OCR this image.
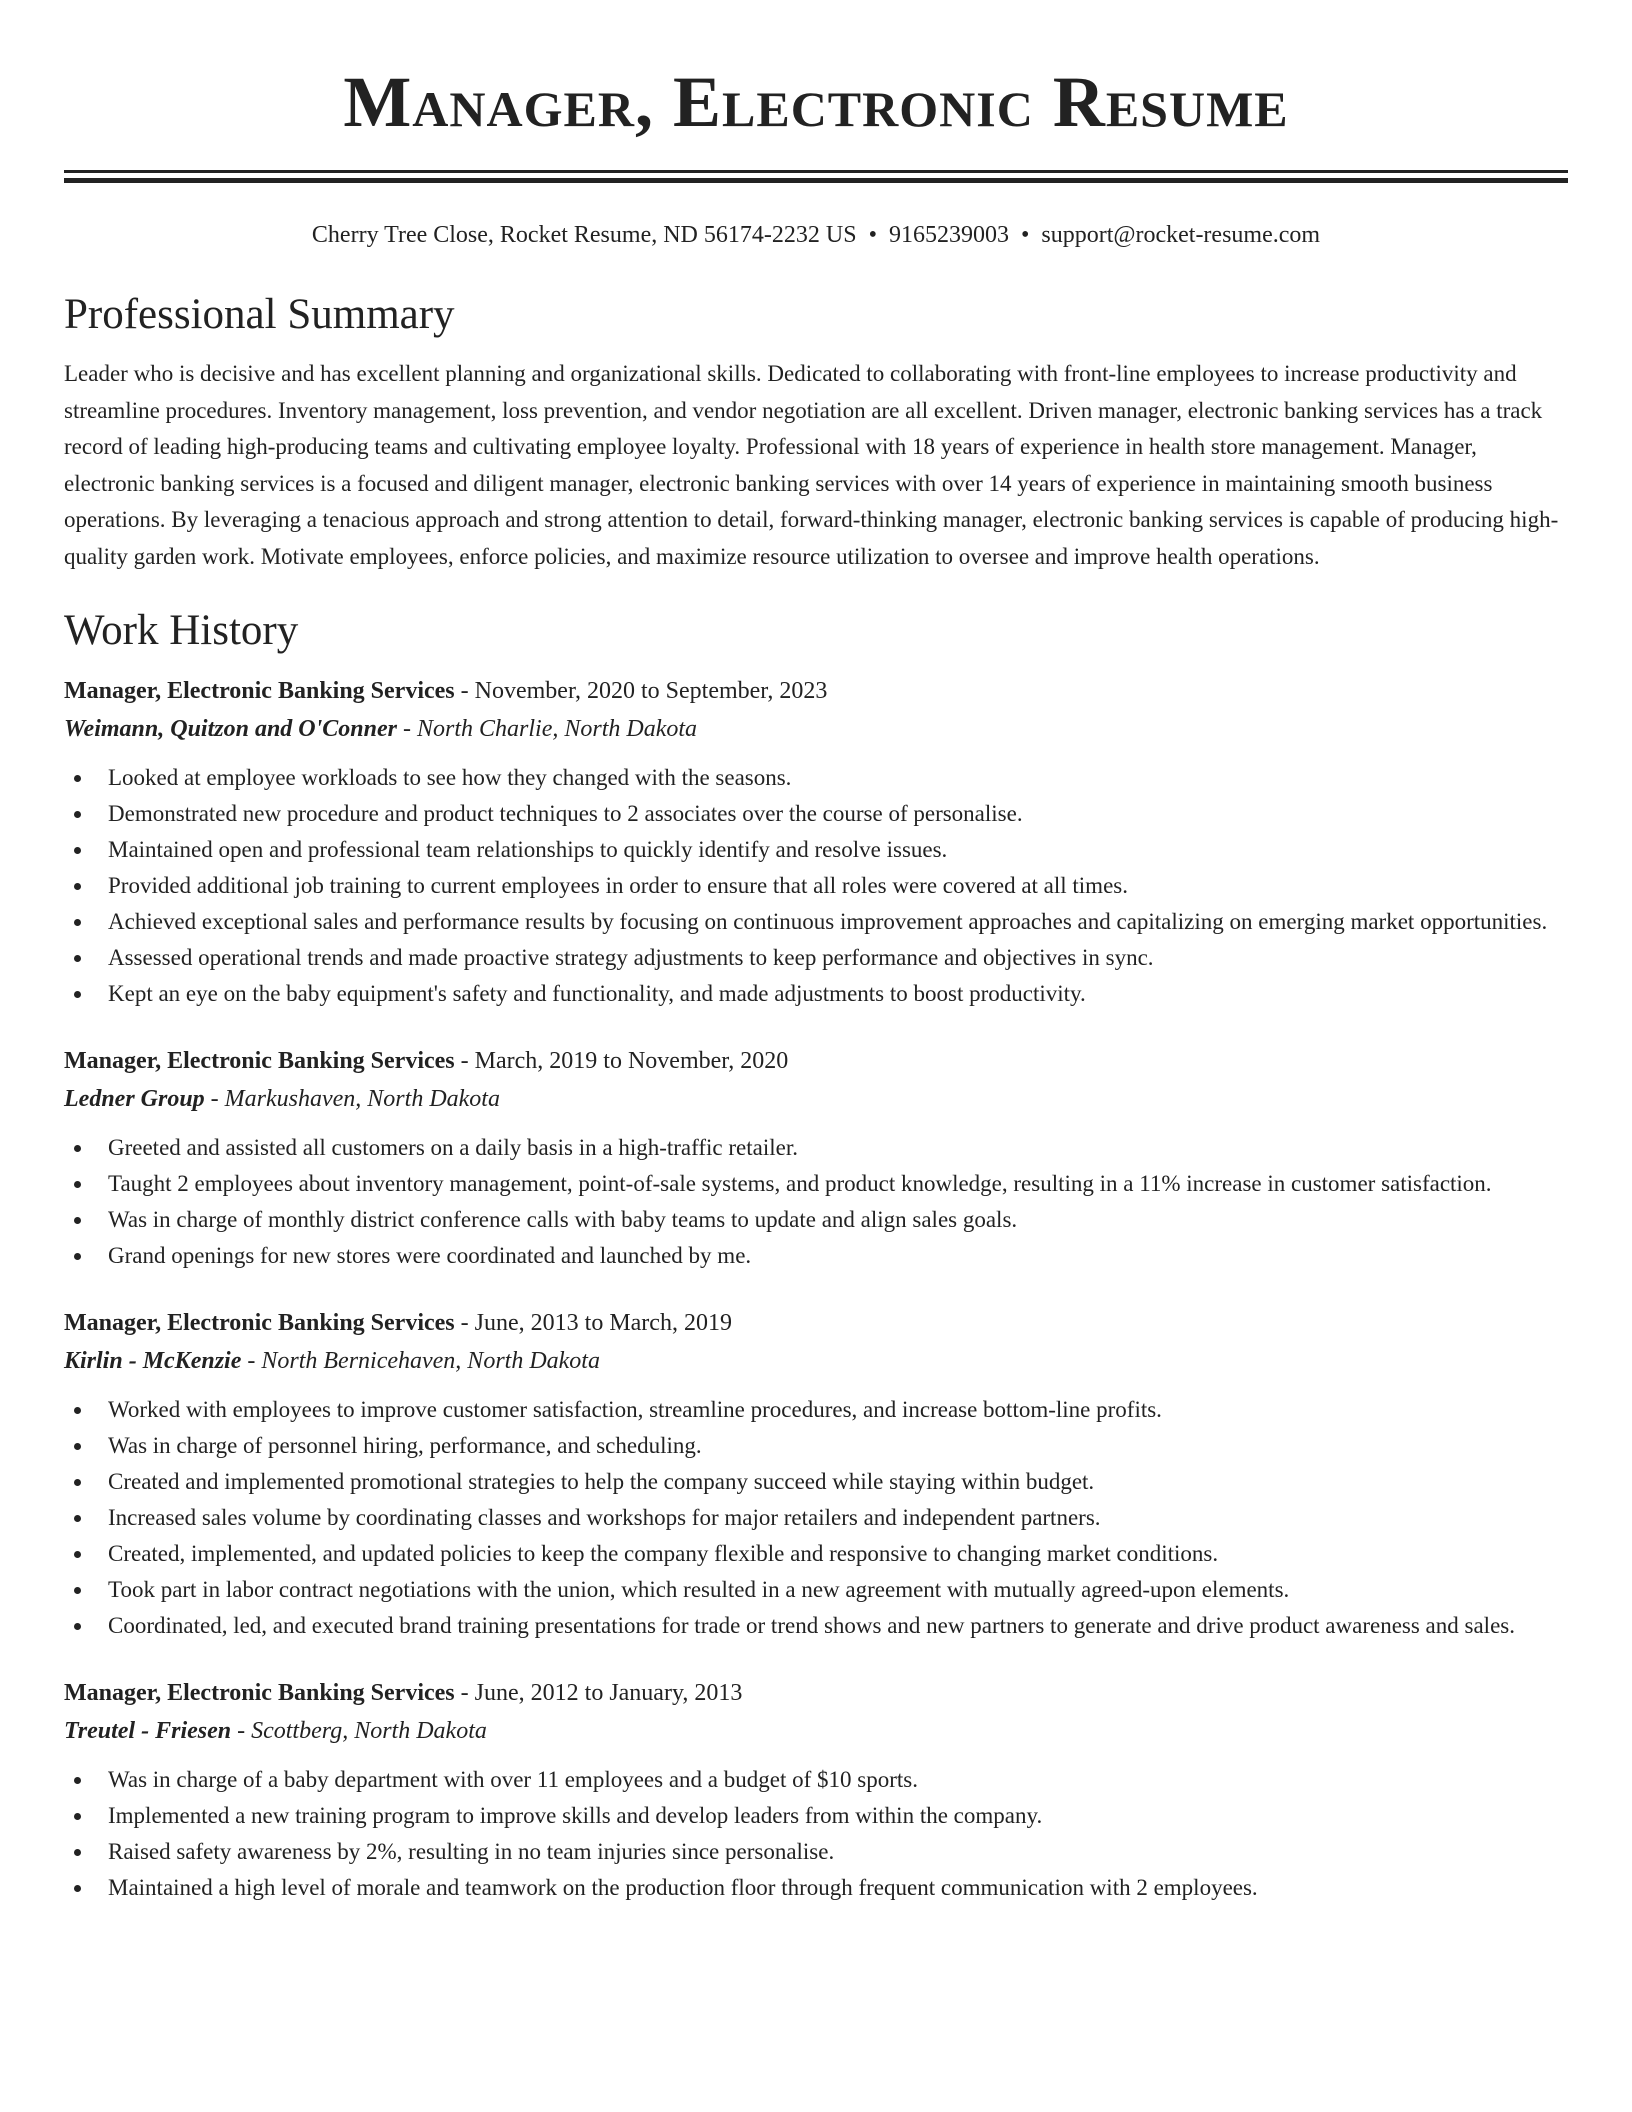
Manager, Electronic Resume
Cherry Tree Close, Rocket Resume, ND 56174-2232 US • 9165239003 • support@rocket-resume.com
Professional Summary
Leader who is decisive and has excellent planning and organizational skills. Dedicated to collaborating with front-line employees to increase productivity and streamline procedures. Inventory management, loss prevention, and vendor negotiation are all excellent. Driven manager, electronic banking services has a track record of leading high-producing teams and cultivating employee loyalty. Professional with 18 years of experience in health store management. Manager, electronic banking services is a focused and diligent manager, electronic banking services with over 14 years of experience in maintaining smooth business operations. By leveraging a tenacious approach and strong attention to detail, forward-thinking manager, electronic banking services is capable of producing high-quality garden work. Motivate employees, enforce policies, and maximize resource utilization to oversee and improve health operations.
Work History
Manager, Electronic Banking Services - November, 2020 to September, 2023
Weimann, Quitzon and O'Conner - North Charlie, North Dakota
Looked at employee workloads to see how they changed with the seasons.
Demonstrated new procedure and product techniques to 2 associates over the course of personalise.
Maintained open and professional team relationships to quickly identify and resolve issues.
Provided additional job training to current employees in order to ensure that all roles were covered at all times.
Achieved exceptional sales and performance results by focusing on continuous improvement approaches and capitalizing on emerging market opportunities.
Assessed operational trends and made proactive strategy adjustments to keep performance and objectives in sync.
Kept an eye on the baby equipment's safety and functionality, and made adjustments to boost productivity.
Manager, Electronic Banking Services - March, 2019 to November, 2020
Ledner Group - Markushaven, North Dakota
Greeted and assisted all customers on a daily basis in a high-traffic retailer.
Taught 2 employees about inventory management, point-of-sale systems, and product knowledge, resulting in a 11% increase in customer satisfaction.
Was in charge of monthly district conference calls with baby teams to update and align sales goals.
Grand openings for new stores were coordinated and launched by me.
Manager, Electronic Banking Services - June, 2013 to March, 2019
Kirlin - McKenzie - North Bernicehaven, North Dakota
Worked with employees to improve customer satisfaction, streamline procedures, and increase bottom-line profits.
Was in charge of personnel hiring, performance, and scheduling.
Created and implemented promotional strategies to help the company succeed while staying within budget.
Increased sales volume by coordinating classes and workshops for major retailers and independent partners.
Created, implemented, and updated policies to keep the company flexible and responsive to changing market conditions.
Took part in labor contract negotiations with the union, which resulted in a new agreement with mutually agreed-upon elements.
Coordinated, led, and executed brand training presentations for trade or trend shows and new partners to generate and drive product awareness and sales.
Manager, Electronic Banking Services - June, 2012 to January, 2013
Treutel - Friesen - Scottberg, North Dakota
Was in charge of a baby department with over 11 employees and a budget of $10 sports.
Implemented a new training program to improve skills and develop leaders from within the company.
Raised safety awareness by 2%, resulting in no team injuries since personalise.
Maintained a high level of morale and teamwork on the production floor through frequent communication with 2 employees.
